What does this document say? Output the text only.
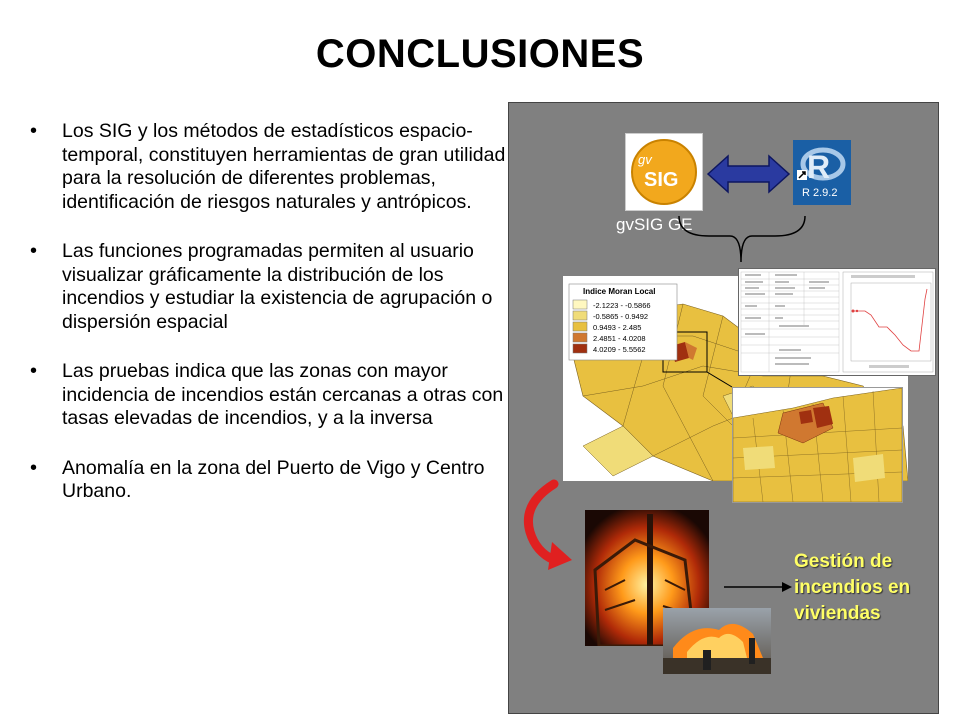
CONCLUSIONES
• Los SIG y los métodos de estadísticos espacio-temporal, constituyen herramientas de gran utilidad para la resolución de diferentes problemas, identificación de riesgos naturales y antrópicos.
• Las funciones programadas permiten al usuario visualizar gráficamente la distribución de los incendios y estudiar la existencia de agrupación o dispersión espacial
• Las pruebas indica que las zonas con mayor incidencia de incendios están cercanas a otras con tasas elevadas de incendios, y a la inversa
• Anomalía en la zona del Puerto de Vigo y Centro Urbano.
gv
SIG	R
R 2.9.2
gvSIG GE
Indice Moran Local
-2.1223 - -0.5866
-0.5865 - 0.9492
0.9493 - 2.485
2.4851 - 4.0208
4.0209 - 5.5562
Gestión de incendios en viviendas
